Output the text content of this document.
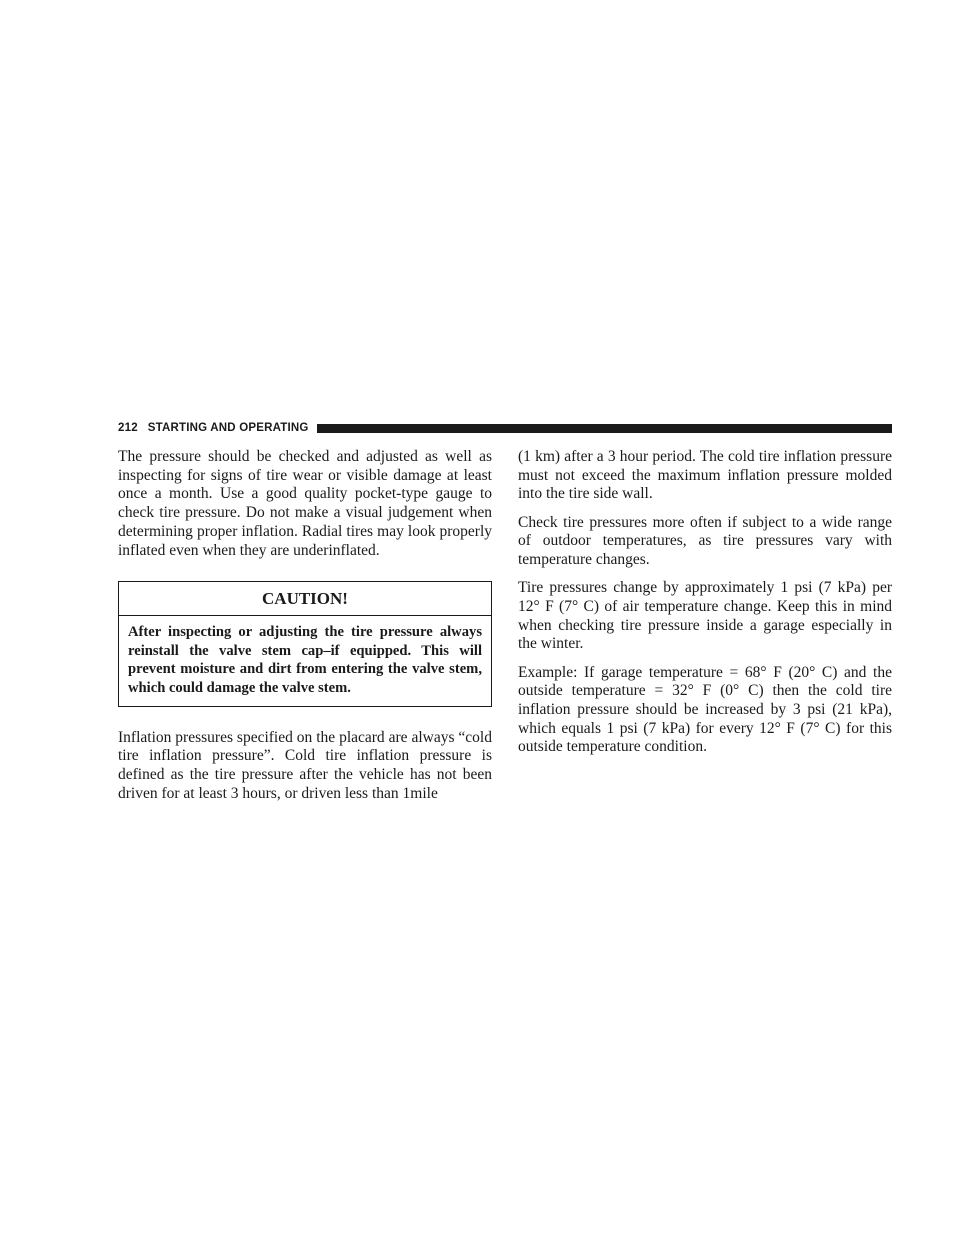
212 STARTING AND OPERATING

The pressure should be checked and adjusted as well as inspecting for signs of tire wear or visible damage at least once a month. Use a good quality pocket-type gauge to check tire pressure. Do not make a visual judgement when determining proper inflation. Radial tires may look properly inflated even when they are underinflated.

CAUTION!
After inspecting or adjusting the tire pressure always reinstall the valve stem cap–if equipped. This will prevent moisture and dirt from entering the valve stem, which could damage the valve stem.

Inflation pressures specified on the placard are always “cold tire inflation pressure”. Cold tire inflation pressure is defined as the tire pressure after the vehicle has not been driven for at least 3 hours, or driven less than 1mile

(1 km) after a 3 hour period. The cold tire inflation pressure must not exceed the maximum inflation pressure molded into the tire side wall.

Check tire pressures more often if subject to a wide range of outdoor temperatures, as tire pressures vary with temperature changes.

Tire pressures change by approximately 1 psi (7 kPa) per 12° F (7° C) of air temperature change. Keep this in mind when checking tire pressure inside a garage especially in the winter.

Example: If garage temperature = 68° F (20° C) and the outside temperature = 32° F (0° C) then the cold tire inflation pressure should be increased by 3 psi (21 kPa), which equals 1 psi (7 kPa) for every 12° F (7° C) for this outside temperature condition.
